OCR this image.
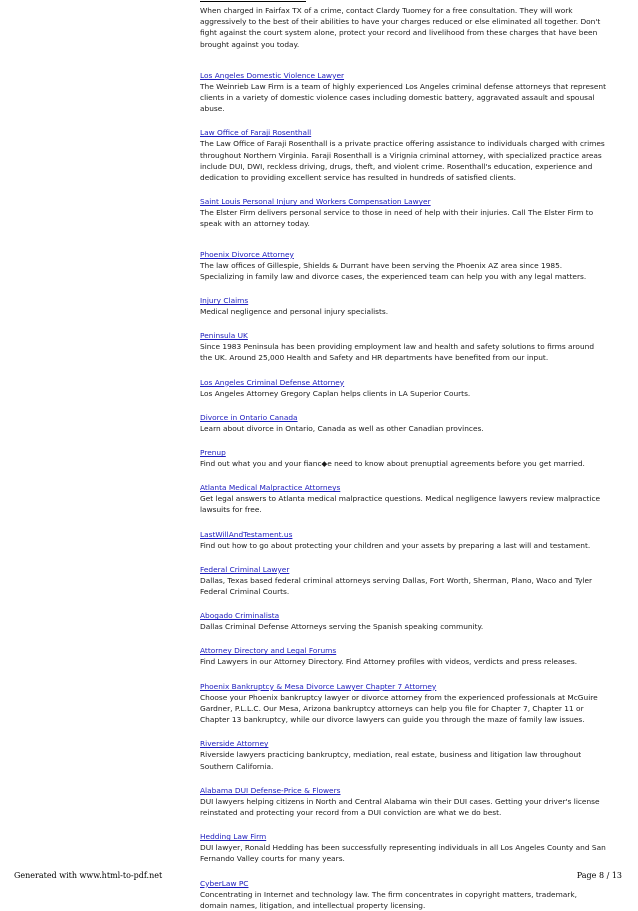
When charged in Fairfax TX of a crime, contact Clardy Tuomey for a free consultation. They will work aggressively to the best of their abilities to have your charges reduced or else eliminated all together. Don't fight against the court system alone, protect your record and livelihood from these charges that have been brought against you today.

Los Angeles Domestic Violence Lawyer

The Weinrieb Law Firm is a team of highly experienced Los Angeles criminal defense attorneys that represent clients in a variety of domestic violence cases including domestic battery, aggravated assault and spousal abuse.

Law Office of Faraji Rosenthall

The Law Office of Faraji Rosenthall is a private practice offering assistance to individuals charged with crimes throughout Northern Virginia. Faraji Rosenthall is a Virignia criminal attorney, with specialized practice areas include DUI, DWI, reckless driving, drugs, theft, and violent crime. Rosenthall's education, experience and dedication to providing excellent service has resulted in hundreds of satisfied clients.

Saint Louis Personal Injury and Workers Compensation Lawyer

The Elster Firm delivers personal service to those in need of help with their injuries. Call The Elster Firm to speak with an attorney today.

Phoenix Divorce Attorney

The law offices of Gillespie, Shields & Durrant have been serving the Phoenix AZ area since 1985. Specializing in family law and divorce cases, the experienced team can help you with any legal matters.

Injury Claims

Medical negligence and personal injury specialists.

Peninsula UK

Since 1983 Peninsula has been providing employment law and health and safety solutions to firms around the UK. Around 25,000 Health and Safety and HR departments have benefited from our input.

Los Angeles Criminal Defense Attorney

Los Angeles Attorney Gregory Caplan helps clients in LA Superior Courts.

Divorce in Ontario Canada

Learn about divorce in Ontario, Canada as well as other Canadian provinces.

Prenup

Find out what you and your fianc◆e need to know about prenuptial agreements before you get married.

Atlanta Medical Malpractice Attorneys

Get legal answers to Atlanta medical malpractice questions. Medical negligence lawyers review malpractice lawsuits for free.

LastWillAndTestament.us

Find out how to go about protecting your children and your assets by preparing a last will and testament.

Federal Criminal Lawyer

Dallas, Texas based federal criminal attorneys serving Dallas, Fort Worth, Sherman, Plano, Waco and Tyler Federal Criminal Courts.

Abogado Criminalista

Dallas Criminal Defense Attorneys serving the Spanish speaking community.

Attorney Directory and Legal Forums

Find Lawyers in our Attorney Directory. Find Attorney profiles with videos, verdicts and press releases.

Phoenix Bankruptcy & Mesa Divorce Lawyer Chapter 7 Attorney

Choose your Phoenix bankruptcy lawyer or divorce attorney from the experienced professionals at McGuire Gardner, P.L.L.C. Our Mesa, Arizona bankruptcy attorneys can help you file for Chapter 7, Chapter 11 or Chapter 13 bankruptcy, while our divorce lawyers can guide you through the maze of family law issues.

Riverside Attorney

Riverside lawyers practicing bankruptcy, mediation, real estate, business and litigation law throughout Southern California.

Alabama DUI Defense-Price & Flowers

DUI lawyers helping citizens in North and Central Alabama win their DUI cases. Getting your driver's license reinstated and protecting your record from a DUI conviction are what we do best.

Hedding Law Firm

DUI lawyer, Ronald Hedding has been successfully representing individuals in all Los Angeles County and San Fernando Valley courts for many years.

CyberLaw PC

Concentrating in Internet and technology law. The firm concentrates in copyright matters, trademark, domain names, litigation, and intellectual property licensing.

Generated with www.html-to-pdf.net	Page 8 / 13
